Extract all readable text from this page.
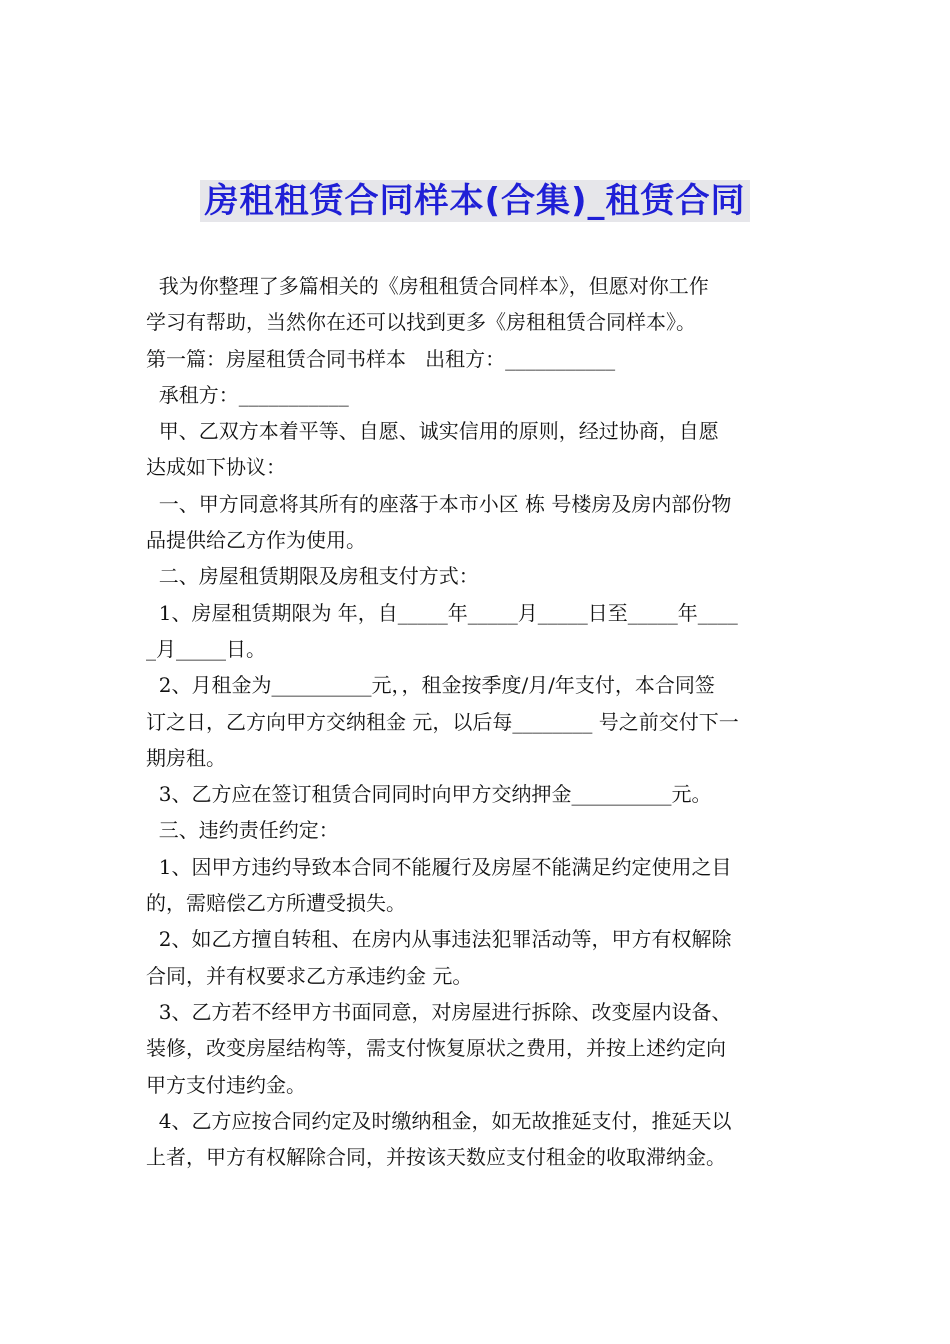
房租租赁合同样本(合集)_租赁合同
我为你整理了多篇相关的《房租租赁合同样本》，但愿对你工作
学习有帮助，当然你在还可以找到更多《房租租赁合同样本》。
第一篇：房屋租赁合同书样本   出租方：___________
承租方：___________
甲、乙双方本着平等、自愿、诚实信用的原则，经过协商，自愿
达成如下协议：
一、甲方同意将其所有的座落于本市小区 栋 号楼房及房内部份物
品提供给乙方作为使用。
二、房屋租赁期限及房租支付方式：
1、房屋租赁期限为 年，自_____年_____月_____日至_____年____
_月_____日。
2、月租金为__________元，，租金按季度/月/年支付，本合同签
订之日，乙方向甲方交纳租金 元，以后每________ 号之前交付下一
期房租。
3、乙方应在签订租赁合同同时向甲方交纳押金__________元。
三、违约责任约定：
1、因甲方违约导致本合同不能履行及房屋不能满足约定使用之目
的，需赔偿乙方所遭受损失。
2、如乙方擅自转租、在房内从事违法犯罪活动等，甲方有权解除
合同，并有权要求乙方承违约金 元。
3、乙方若不经甲方书面同意，对房屋进行拆除、改变屋内设备、
装修，改变房屋结构等，需支付恢复原状之费用，并按上述约定向
甲方支付违约金。
4、乙方应按合同约定及时缴纳租金，如无故推延支付，推延天以
上者，甲方有权解除合同，并按该天数应支付租金的收取滞纳金。
